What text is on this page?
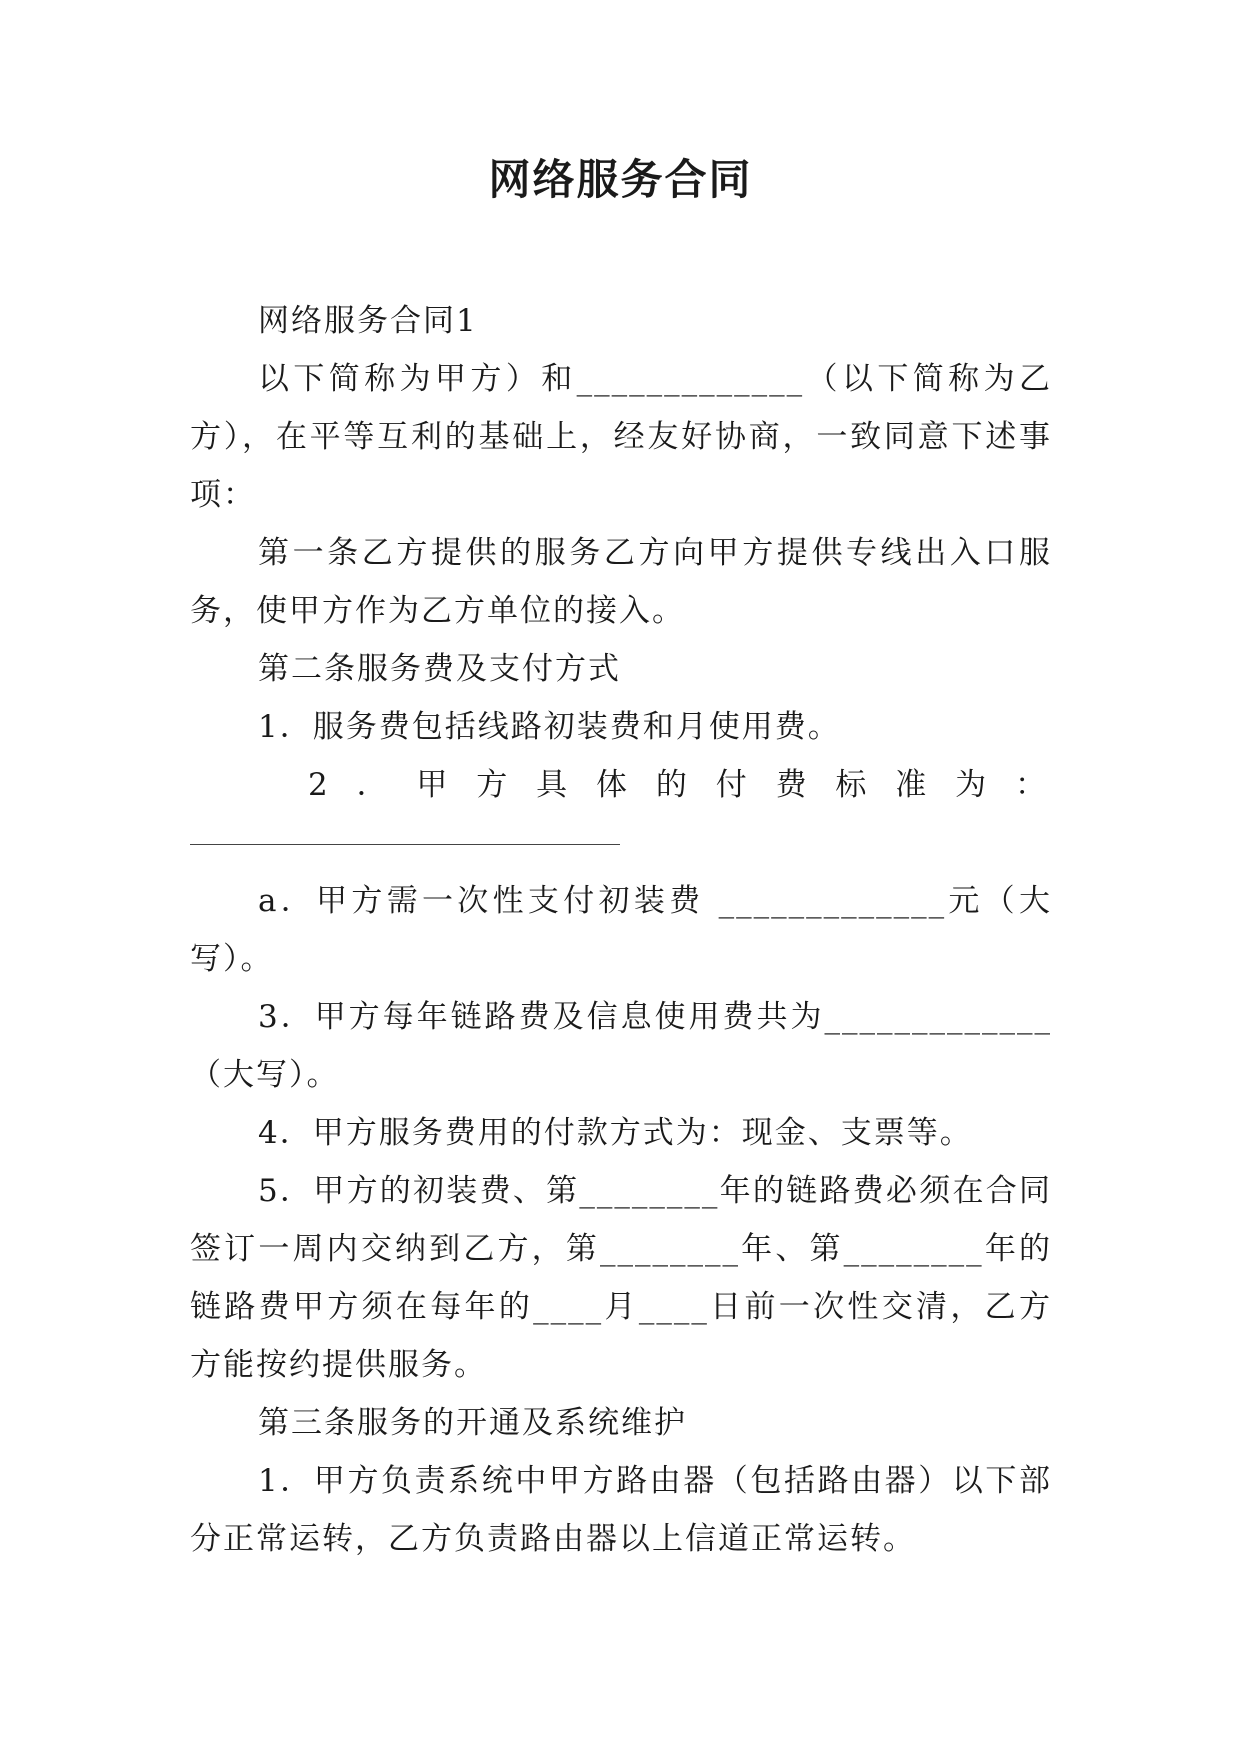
网络服务合同

网络服务合同1

以下简称为甲方）和_____________（以下简称为乙方），在平等互利的基础上，经友好协商，一致同意下述事项：

第一条乙方提供的服务乙方向甲方提供专线出入口服务，使甲方作为乙方单位的接入。

第二条服务费及支付方式

1．服务费包括线路初装费和月使用费。

2．甲方具体的付费标准为：

a．甲方需一次性支付初装费 _____________元（大写）。

3．甲方每年链路费及信息使用费共为_____________（大写）。

4．甲方服务费用的付款方式为：现金、支票等。

5．甲方的初装费、第________年的链路费必须在合同签订一周内交纳到乙方，第________年、第________年的链路费甲方须在每年的____月____日前一次性交清，乙方方能按约提供服务。

第三条服务的开通及系统维护

1．甲方负责系统中甲方路由器（包括路由器）以下部分正常运转，乙方负责路由器以上信道正常运转。
